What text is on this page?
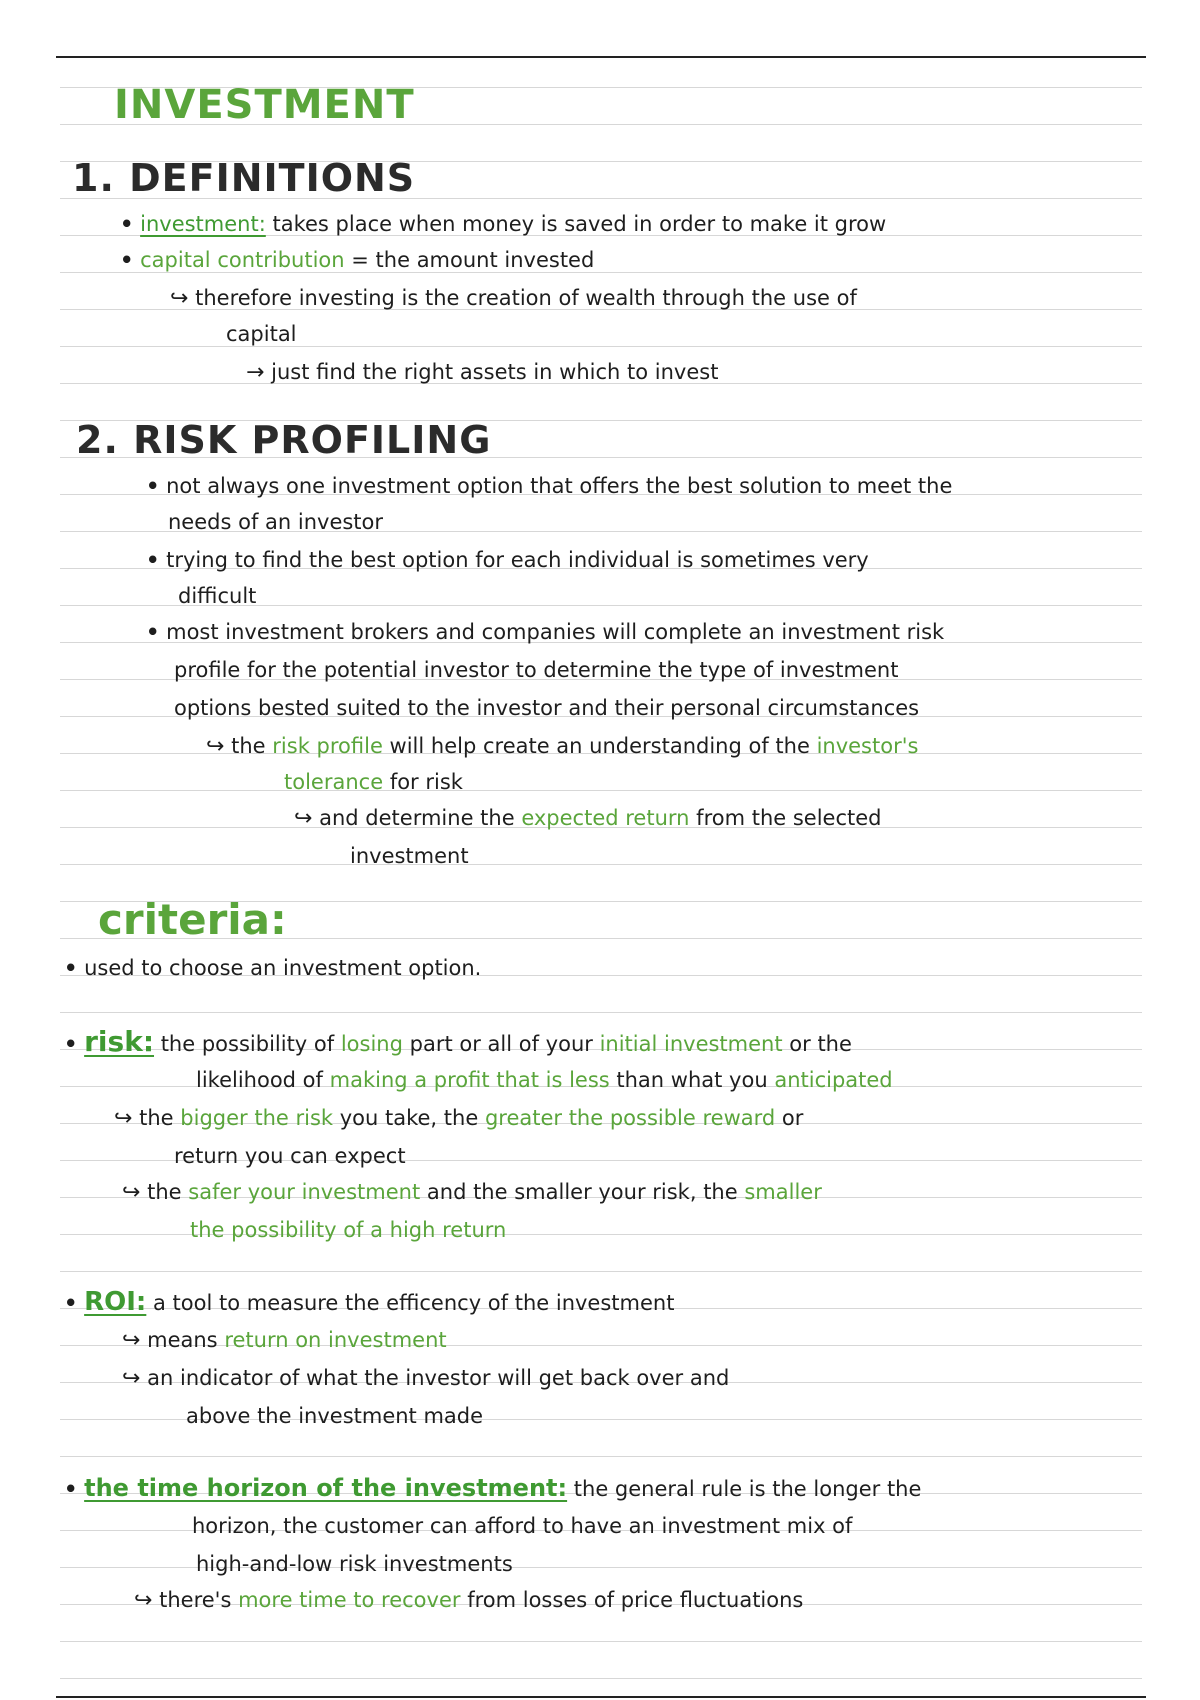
INVESTMENT
1. DEFINITIONS
• investment: takes place when money is saved in order to make it grow
• capital contribution = the amount invested
↪ therefore investing is the creation of wealth through the use of
capital
→ just find the right assets in which to invest
2. RISK PROFILING
• not always one investment option that offers the best solution to meet the
needs of an investor
• trying to find the best option for each individual is sometimes very
difficult
• most investment brokers and companies will complete an investment risk
profile for the potential investor to determine the type of investment
options bested suited to the investor and their personal circumstances
↪ the risk profile will help create an understanding of the investor's
tolerance for risk
↪ and determine the expected return from the selected
investment
criteria:
• used to choose an investment option.
• risk: the possibility of losing part or all of your initial investment or the
likelihood of making a profit that is less than what you anticipated
↪ the bigger the risk you take, the greater the possible reward or
return you can expect
↪ the safer your investment and the smaller your risk, the smaller
the possibility of a high return
• ROI: a tool to measure the efficency of the investment
↪ means return on investment
↪ an indicator of what the investor will get back over and
above the investment made
• the time horizon of the investment: the general rule is the longer the
horizon, the customer can afford to have an investment mix of
high-and-low risk investments
↪ there's more time to recover from losses of price fluctuations
